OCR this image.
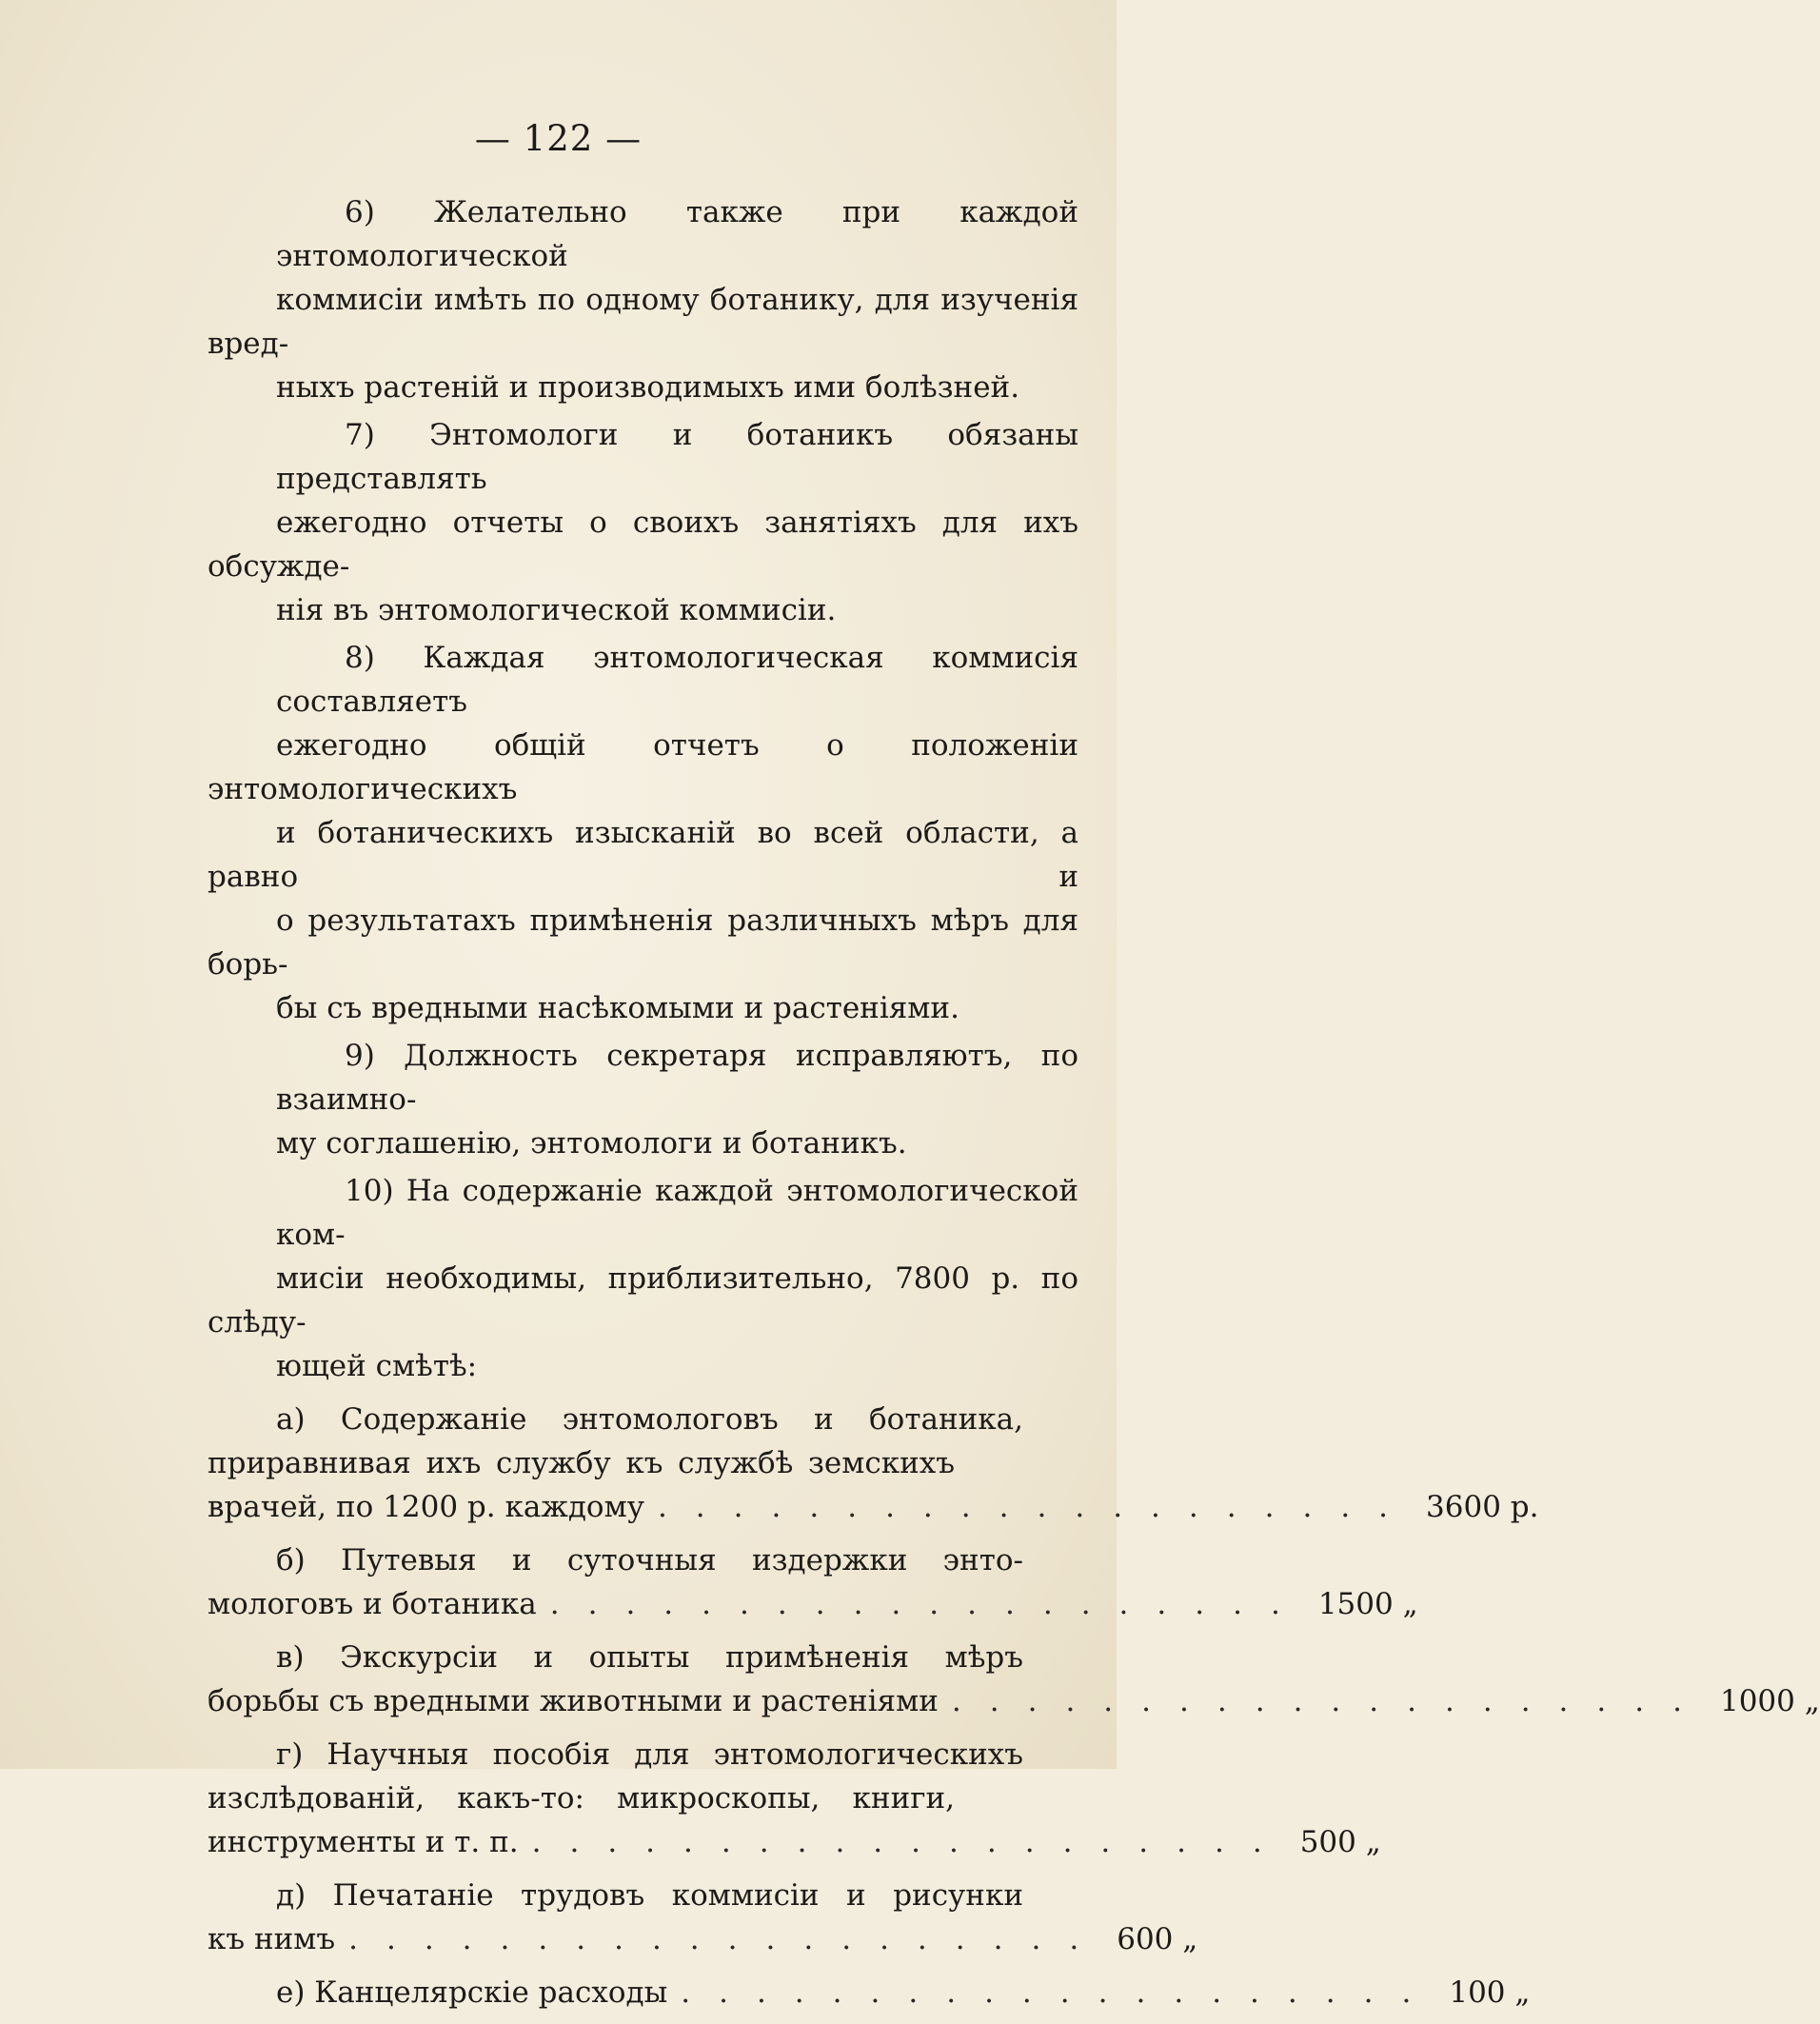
— 122 —
6) Желательно также при каждой энтомологической
коммисіи имѣть по одному ботанику, для изученія вред-
ныхъ растеній и производимыхъ ими болѣзней.
7) Энтомологи и ботаникъ обязаны представлять
ежегодно отчеты о своихъ занятіяхъ для ихъ обсужде-
нія въ энтомологической коммисіи.
8) Каждая энтомологическая коммисія составляетъ
ежегодно общій отчетъ о положеніи энтомологическихъ
и ботаническихъ изысканій во всей области, а равно и
о результатахъ примѣненія различныхъ мѣръ для борь-
бы съ вредными насѣкомыми и растеніями.
9) Должность секретаря исправляютъ, по взаимно-
му соглашенію, энтомологи и ботаникъ.
10) На содержаніе каждой энтомологической ком-
мисіи необходимы, приблизительно, 7800 р. по слѣду-
ющей смѣтѣ:
а) Содержаніе энтомологовъ и ботаника,
приравнивая ихъ службу къ службѣ земскихъ
врачей, по 1200 р. каждому .................... 3600 р.
б) Путевыя и суточныя издержки энто-
мологовъ и ботаника .................... 1500 „
в) Экскурсіи и опыты примѣненія мѣръ
борьбы съ вредными животными и растеніями .................... 1000 „
г) Научныя пособія для энтомологическихъ
изслѣдованій, какъ-то: микроскопы, книги,
инструменты и т. п. .................... 500 „
д) Печатаніе трудовъ коммисіи и рисунки
къ нимъ .................... 600 „
е) Канцелярскіе расходы .................... 100 „
